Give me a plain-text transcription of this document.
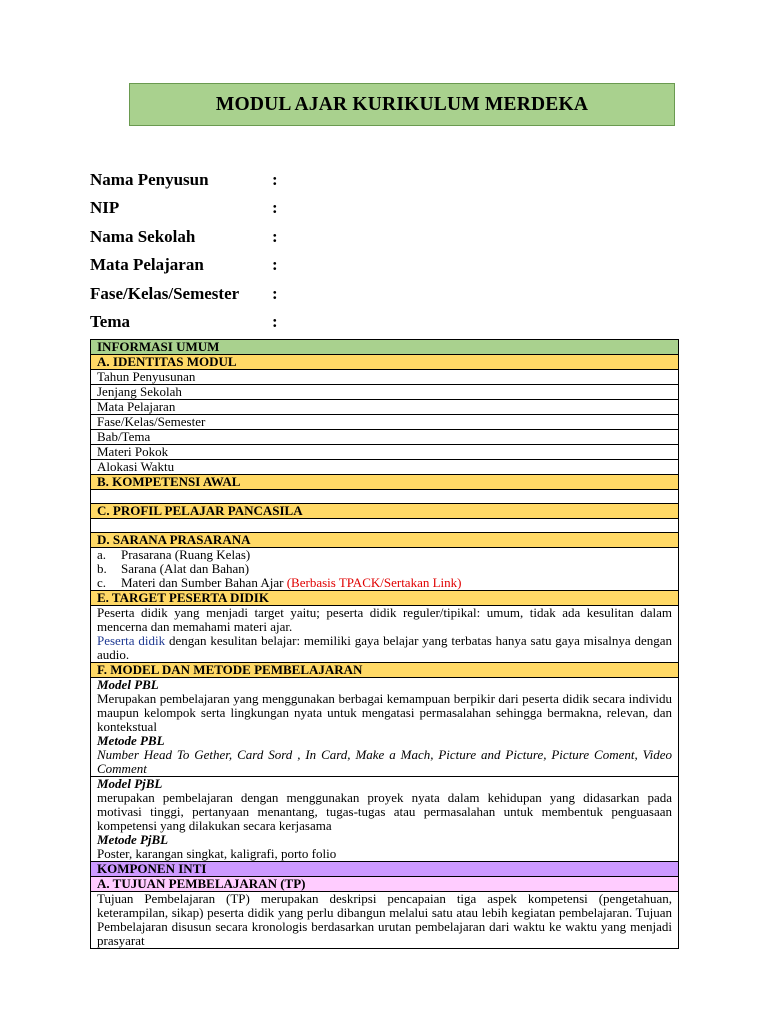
MODUL AJAR KURIKULUM MERDEKA
Nama Penyusun	:
NIP	:
Nama Sekolah	:
Mata Pelajaran	:
Fase/Kelas/Semester :
Tema	:
INFORMASI UMUM
A. IDENTITAS MODUL
Tahun Penyusunan
Jenjang Sekolah
Mata Pelajaran
Fase/Kelas/Semester
Bab/Tema
Materi Pokok
Alokasi Waktu
B. KOMPETENSI AWAL

C. PROFIL PELAJAR PANCASILA

D. SARANA PRASARANA

a.	Prasarana (Ruang Kelas)
b.	Sarana (Alat dan Bahan)
c.	Materi dan Sumber Bahan Ajar (Berbasis TPACK/Sertakan Link)

E. TARGET PESERTA DIDIK

Peserta didik yang menjadi target yaitu; peserta didik reguler/tipikal: umum, tidak ada kesulitan dalam mencerna dan memahami materi ajar.
Peserta didik dengan kesulitan belajar: memiliki gaya belajar yang terbatas hanya satu gaya misalnya dengan audio.

F. MODEL DAN METODE PEMBELAJARAN

Model PBL
Merupakan pembelajaran yang menggunakan berbagai kemampuan berpikir dari peserta didik secara individu maupun kelompok serta lingkungan nyata untuk mengatasi permasalahan sehingga bermakna, relevan, dan kontekstual
Metode PBL
Number Head To Gether, Card Sord , In Card, Make a Mach, Picture and Picture, Picture Coment, Video Comment

Model PjBL
merupakan pembelajaran dengan menggunakan proyek nyata dalam kehidupan yang didasarkan pada motivasi tinggi, pertanyaan menantang, tugas-tugas atau permasalahan untuk membentuk penguasaan kompetensi yang dilakukan secara kerjasama
Metode PjBL
Poster, karangan singkat, kaligrafi, porto folio

KOMPONEN INTI
A. TUJUAN PEMBELAJARAN (TP)

Tujuan Pembelajaran (TP) merupakan deskripsi pencapaian tiga aspek kompetensi (pengetahuan, keterampilan, sikap) peserta didik yang perlu dibangun melalui satu atau lebih kegiatan pembelajaran. Tujuan Pembelajaran disusun secara kronologis berdasarkan urutan pembelajaran dari waktu ke waktu yang menjadi prasyarat
